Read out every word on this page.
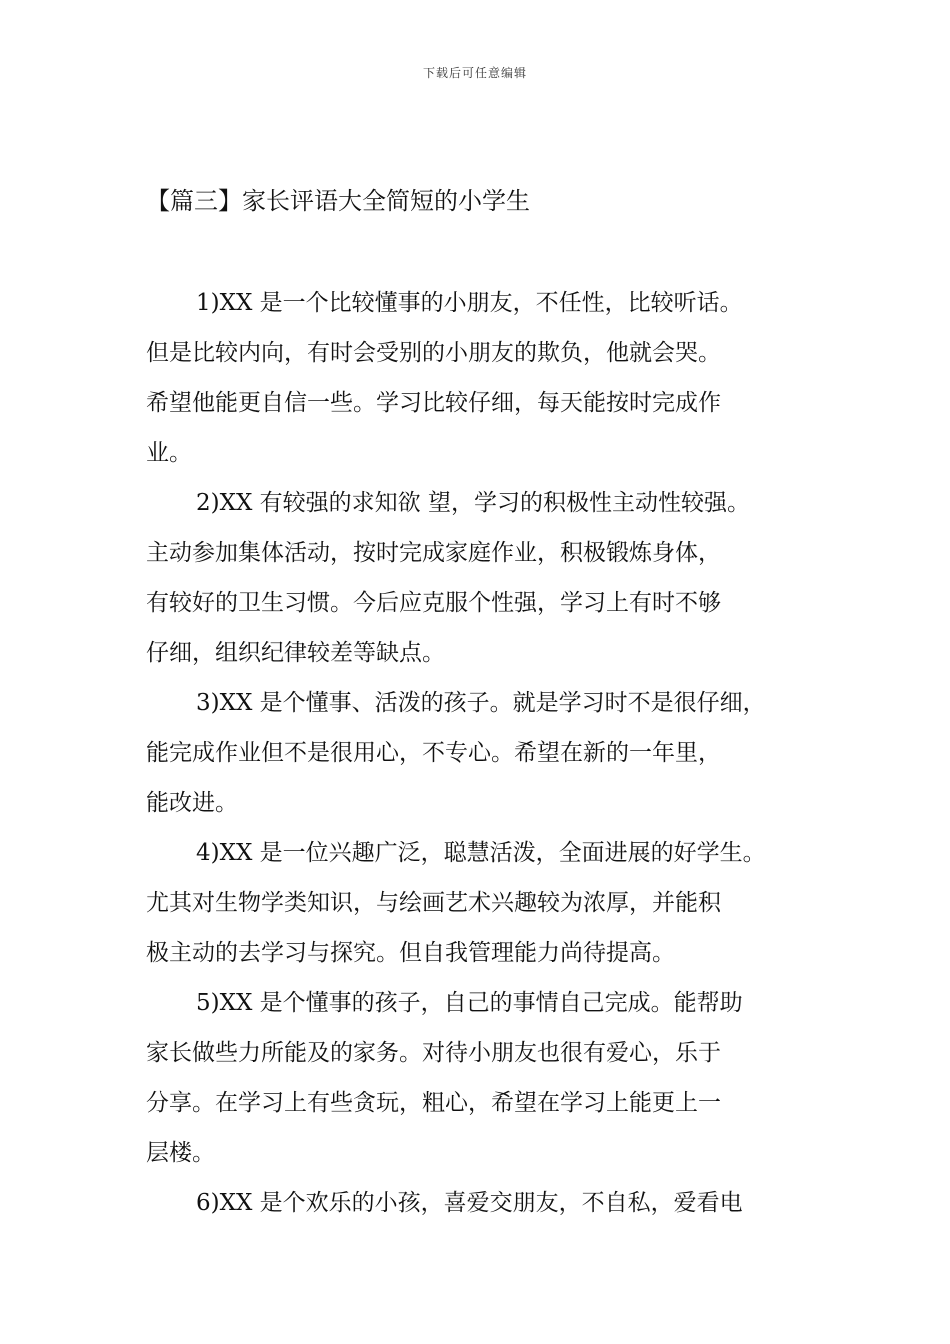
下载后可任意编辑
【篇三】家长评语大全简短的小学生

1)XX 是一个比较懂事的小朋友，不任性，比较听话。
但是比较内向，有时会受别的小朋友的欺负，他就会哭。
希望他能更自信一些。学习比较仔细，每天能按时完成作
业。

2)XX 有较强的求知欲 望，学习的积极性主动性较强。
主动参加集体活动，按时完成家庭作业，积极锻炼身体，
有较好的卫生习惯。今后应克服个性强，学习上有时不够
仔细，组织纪律较差等缺点。

3)XX 是个懂事、活泼的孩子。就是学习时不是很仔细，
能完成作业但不是很用心，不专心。希望在新的一年里，
能改进。

4)XX 是一位兴趣广泛，聪慧活泼，全面进展的好学生。
尤其对生物学类知识，与绘画艺术兴趣较为浓厚，并能积
极主动的去学习与探究。但自我管理能力尚待提高。

5)XX 是个懂事的孩子，自己的事情自己完成。能帮助
家长做些力所能及的家务。对待小朋友也很有爱心，乐于
分享。在学习上有些贪玩，粗心，希望在学习上能更上一
层楼。

6)XX 是个欢乐的小孩，喜爱交朋友，不自私，爱看电
